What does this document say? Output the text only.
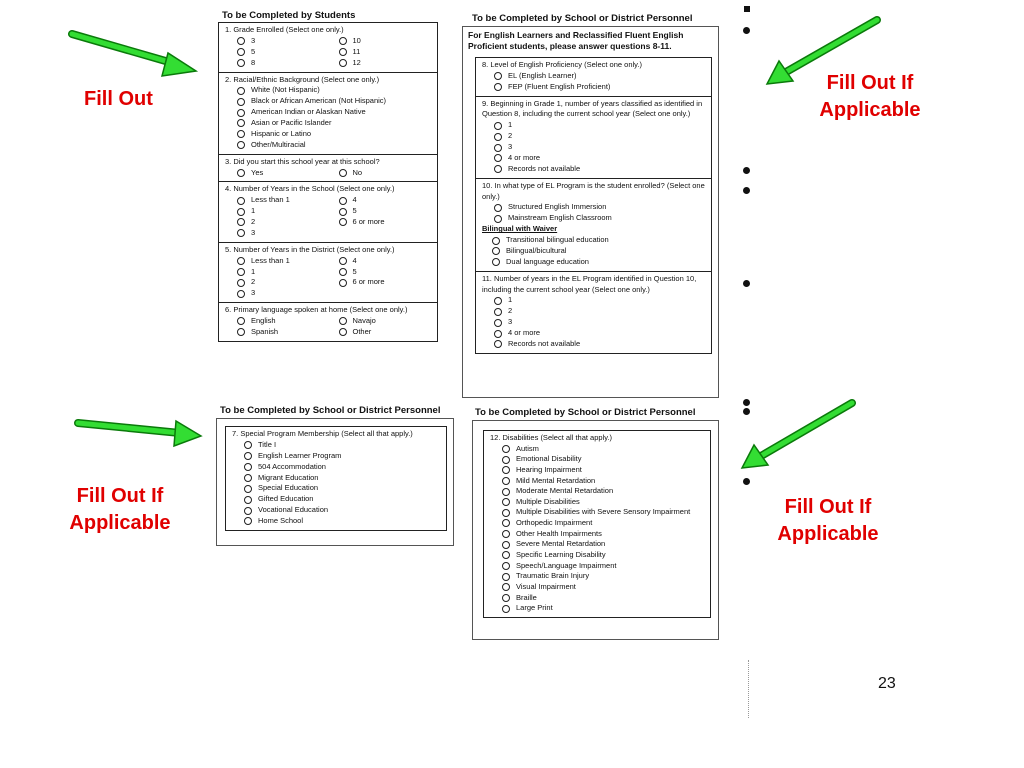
To be Completed by Students
1. Grade Enrolled (Select one only.)
3	10
5	11
8	12
2. Racial/Ethnic Background (Select one only.)
White (Not Hispanic)
Black or African American (Not Hispanic)
American Indian or Alaskan Native
Asian or Pacific Islander
Hispanic or Latino
Other/Multiracial
3. Did you start this school year at this school?
Yes	No
4. Number of Years in the School (Select one only.)
Less than 1	4
1	5
2	6 or more
3
5. Number of Years in the District (Select one only.)
Less than 1	4
1	5
2	6 or more
3
6. Primary language spoken at home (Select one only.)
English	Navajo
Spanish	Other
To be Completed by School or District Personnel
For English Learners and Reclassified Fluent English Proficient students, please answer questions 8-11.
8. Level of English Proficiency (Select one only.)
EL (English Learner)
FEP (Fluent English Proficient)
9. Beginning in Grade 1, number of years classified as identified in Question 8, including the current school year (Select one only.)
1
2
3
4 or more
Records not available
10. In what type of EL Program is the student enrolled? (Select one only.)
Structured English Immersion
Mainstream English Classroom
Bilingual with Waiver
Transitional bilingual education
Bilingual/bicultural
Dual language education
11. Number of years in the EL Program identified in Question 10, including the current school year (Select one only.)
1
2
3
4 or more
Records not available
To be Completed by School or District Personnel
7. Special Program Membership (Select all that apply.)
Title I
English Learner Program
504 Accommodation
Migrant Education
Special Education
Gifted Education
Vocational Education
Home School
To be Completed by School or District Personnel
12. Disabilities (Select all that apply.)
Autism
Emotional Disability
Hearing Impairment
Mild Mental Retardation
Moderate Mental Retardation
Multiple Disabilities
Multiple Disabilities with Severe Sensory Impairment
Orthopedic Impairment
Other Health Impairments
Severe Mental Retardation
Specific Learning Disability
Speech/Language Impairment
Traumatic Brain Injury
Visual Impairment
Braille
Large Print
Fill Out
Fill Out If
Applicable
Fill Out If
Applicable
Fill Out If
Applicable
23
